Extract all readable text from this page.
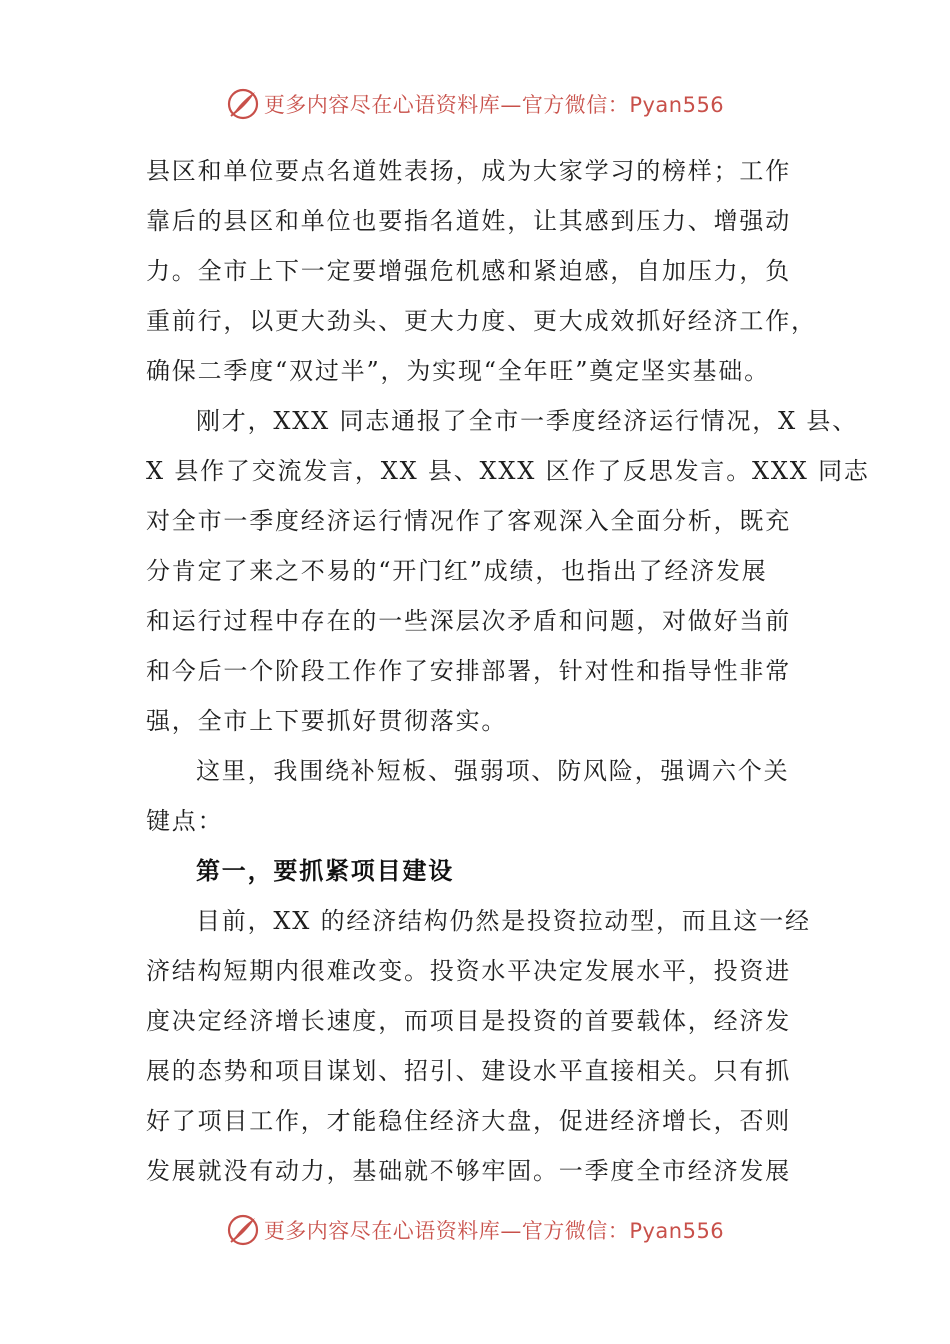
更多内容尽在心语资料库—官方微信：Pyan556
县区和单位要点名道姓表扬，成为大家学习的榜样；工作
靠后的县区和单位也要指名道姓，让其感到压力、增强动
力。全市上下一定要增强危机感和紧迫感，自加压力，负
重前行，以更大劲头、更大力度、更大成效抓好经济工作，
确保二季度“双过半”，为实现“全年旺”奠定坚实基础。
刚才，XXX 同志通报了全市一季度经济运行情况，X 县、
X 县作了交流发言，XX 县、XXX 区作了反思发言。XXX 同志
对全市一季度经济运行情况作了客观深入全面分析，既充
分肯定了来之不易的“开门红”成绩，也指出了经济发展
和运行过程中存在的一些深层次矛盾和问题，对做好当前
和今后一个阶段工作作了安排部署，针对性和指导性非常
强，全市上下要抓好贯彻落实。
这里，我围绕补短板、强弱项、防风险，强调六个关
键点：
第一，要抓紧项目建设
目前，XX 的经济结构仍然是投资拉动型，而且这一经
济结构短期内很难改变。投资水平决定发展水平，投资进
度决定经济增长速度，而项目是投资的首要载体，经济发
展的态势和项目谋划、招引、建设水平直接相关。只有抓
好了项目工作，才能稳住经济大盘，促进经济增长，否则
发展就没有动力，基础就不够牢固。一季度全市经济发展
更多内容尽在心语资料库—官方微信：Pyan556
